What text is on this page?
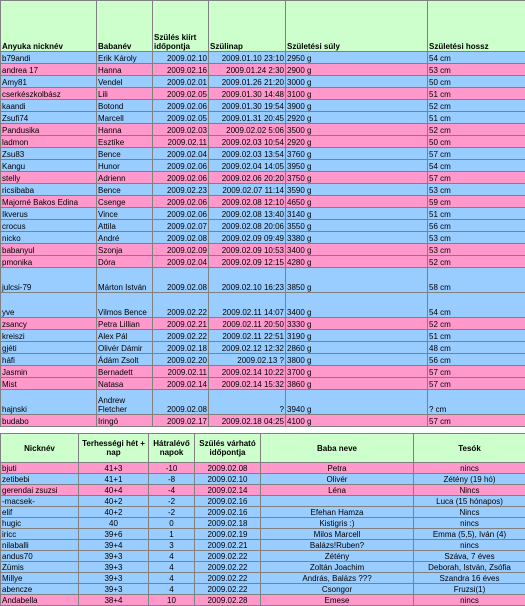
Anyuka nicknév	Babanév	Szülés kiírt időpontja	Szülinap	Születési súly	Születési hossz
b79andi	Erik Károly	2009.02.10	2009.01.10 23:10	2950 g	54 cm
andrea 17	Hanna	2009.02.16	2009.01.24 2:30	2900 g	53 cm
Amy81	Vendel	2009.02.01	2009.01.26 21:20	3000 g	50 cm
cserkészkolbász	Lili	2009.02.05	2009.01.30 14:48	3100 g	51 cm
kaandi	Botond	2009.02.06	2009.01.30 19:54	3900 g	52 cm
Zsufi74	Marcell	2009.02.05	2009.01.31 20:45	2920 g	51 cm
Pandusika	Hanna	2009.02.03	2009.02.02 5:06	3500 g	52 cm
ladmon	Esztíke	2009.02.11	2009.02.03 10:54	2920 g	50 cm
Zsu83	Bence	2009.02.04	2009.02.03 13:54	3760 g	57 cm
Kangu	Hunor	2009.02.06	2009.02.04 14:05	3950 g	54 cm
stelly	Adrienn	2009.02.06	2009.02.06 20:20	3750 g	57 cm
ricsibaba	Bence	2009.02.23	2009.02.07 11:14	3590 g	53 cm
Majorné Bakos Edina	Csenge	2009.02.06	2009.02.08 12:10	4650 g	59 cm
Ikverus	Vince	2009.02.06	2009.02.08 13:40	3140 g	51 cm
crocus	Attila	2009.02.07	2009.02.08 20:06	3550 g	56 cm
nicko	André	2009.02.08	2009.02.09 09:49	3380 g	53 cm
babanyul	Szonja	2009.02.09	2009.02.09 10:53	3400 g	53 cm
pmonika	Dóra	2009.02.04	2009.02.09 12:15	4280 g	52 cm
julcsi-79	Márton István	2009.02.08	2009.02.10 16:23	3850 g	58 cm
yve	Vilmos Bence	2009.02.22	2009.02.11 14:07	3400 g	54 cm
zsancy	Petra Lillian	2009.02.21	2009.02.11 20:50	3330 g	52 cm
kreiszi	Alex Pál	2009.02.22	2009.02.11 22:51	3190 g	51 cm
gjéti	Olivér Dámir	2009.02.18	2009.02.12 12:32	2860 g	48 cm
háfi	Ádám Zsolt	2009.02.20	2009.02.13 ?	3800 g	56 cm
Jasmin	Bernadett	2009.02.11	2009.02.14 10:22	3700 g	57 cm
Mist	Natasa	2009.02.14	2009.02.14 15:32	3860 g	57 cm
hajnski	Andrew Fletcher	2009.02.08	?	3940 g	? cm
budabo	Iringó	2009.02.17	2009.02.18 04:25	4100 g	57 cm
Nicknév	Terhességi hét + nap	Hátralévő napok	Szülés várható időpontja	Baba neve	Tesók
bjuti	41+3	-10	2009.02.08	Petra	nincs
zetibebi	41+1	-8	2009.02.10	Olivér	Zétény (19 hó)
gerendai zsuzsi	40+4	-4	2009.02.14	Léna	Nincs
-macsek-	40+2	-2	2009.02.16		Luca (15 hónapos)
elif	40+2	-2	2009.02.16	Efehan Hamza	Nincs
hugic	40	0	2009.02.18	Kistigris :)	nincs
iricc	39+6	1	2009.02.19	Milos Marcell	Emma (5,5), Iván (4)
nilaballi	39+4	3	2009.02.21	Balázs!Ruben?	nincs
andus70	39+3	4	2009.02.22	Zétény	Száva, 7 éves
Zümis	39+3	4	2009.02.22	Zoltán Joachim	Deborah, István, Zsófia
Millye	39+3	4	2009.02.22	András, Balázs ???	Szandra 16 éves
abencze	39+3	4	2009.02.22	Csongor	Fruzsi(1)
Andabella	38+4	10	2009.02.28	Emese	nincs
